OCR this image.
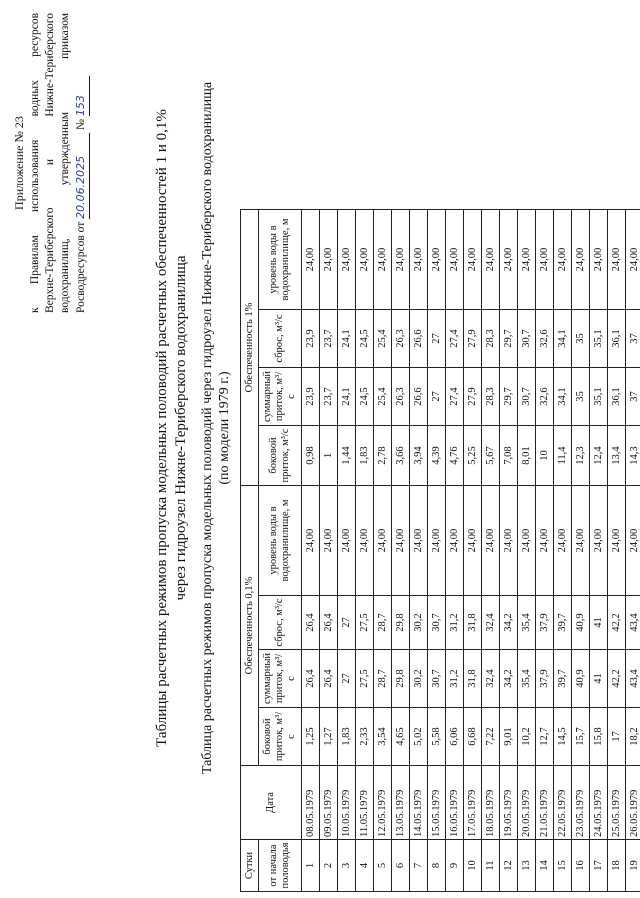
Приложение № 23 к Правилам использования водных ресурсов Верхне-Териберского и Нижне-Териберского водохранилищ, утвержденным приказом Росводресурсов от 20.06.2025 № 153
Таблицы расчетных режимов пропуска модельных половодий расчетных обеспеченностей 1 и 0,1% через гидроузел Нижне-Териберского водохранилища Таблица расчетных режимов пропуска модельных половодий через гидроузел Нижне-Териберского водохранилища (по модели 1979 г.)
Сутки	Дата	Обеспеченность 0,1%				Обеспеченность 1%			
от начала половодья		боковой приток, м³/с	суммарный приток, м³/с	сброс, м³/с	уровень воды в водохранилище, м	боковой приток, м³/с	суммарный приток, м³/с	сброс, м³/с	уровень воды в водохранилище, м
1	08.05.1979	1,25	26,4	26,4	24,00	0,98	23,9	23,9	24,00
2	09.05.1979	1,27	26,4	26,4	24,00	1	23,7	23,7	24,00
3	10.05.1979	1,83	27	27	24,00	1,44	24,1	24,1	24,00
4	11.05.1979	2,33	27,5	27,5	24,00	1,83	24,5	24,5	24,00
5	12.05.1979	3,54	28,7	28,7	24,00	2,78	25,4	25,4	24,00
6	13.05.1979	4,65	29,8	29,8	24,00	3,66	26,3	26,3	24,00
7	14.05.1979	5,02	30,2	30,2	24,00	3,94	26,6	26,6	24,00
8	15.05.1979	5,58	30,7	30,7	24,00	4,39	27	27	24,00
9	16.05.1979	6,06	31,2	31,2	24,00	4,76	27,4	27,4	24,00
10	17.05.1979	6,68	31,8	31,8	24,00	5,25	27,9	27,9	24,00
11	18.05.1979	7,22	32,4	32,4	24,00	5,67	28,3	28,3	24,00
12	19.05.1979	9,01	34,2	34,2	24,00	7,08	29,7	29,7	24,00
13	20.05.1979	10,2	35,4	35,4	24,00	8,01	30,7	30,7	24,00
14	21.05.1979	12,7	37,9	37,9	24,00	10	32,6	32,6	24,00
15	22.05.1979	14,5	39,7	39,7	24,00	11,4	34,1	34,1	24,00
16	23.05.1979	15,7	40,9	40,9	24,00	12,3	35	35	24,00
17	24.05.1979	15,8	41	41	24,00	12,4	35,1	35,1	24,00
18	25.05.1979	17	42,2	42,2	24,00	13,4	36,1	36,1	24,00
19	26.05.1979	18,2	43,4	43,4	24,00	14,3	37	37	24,00
